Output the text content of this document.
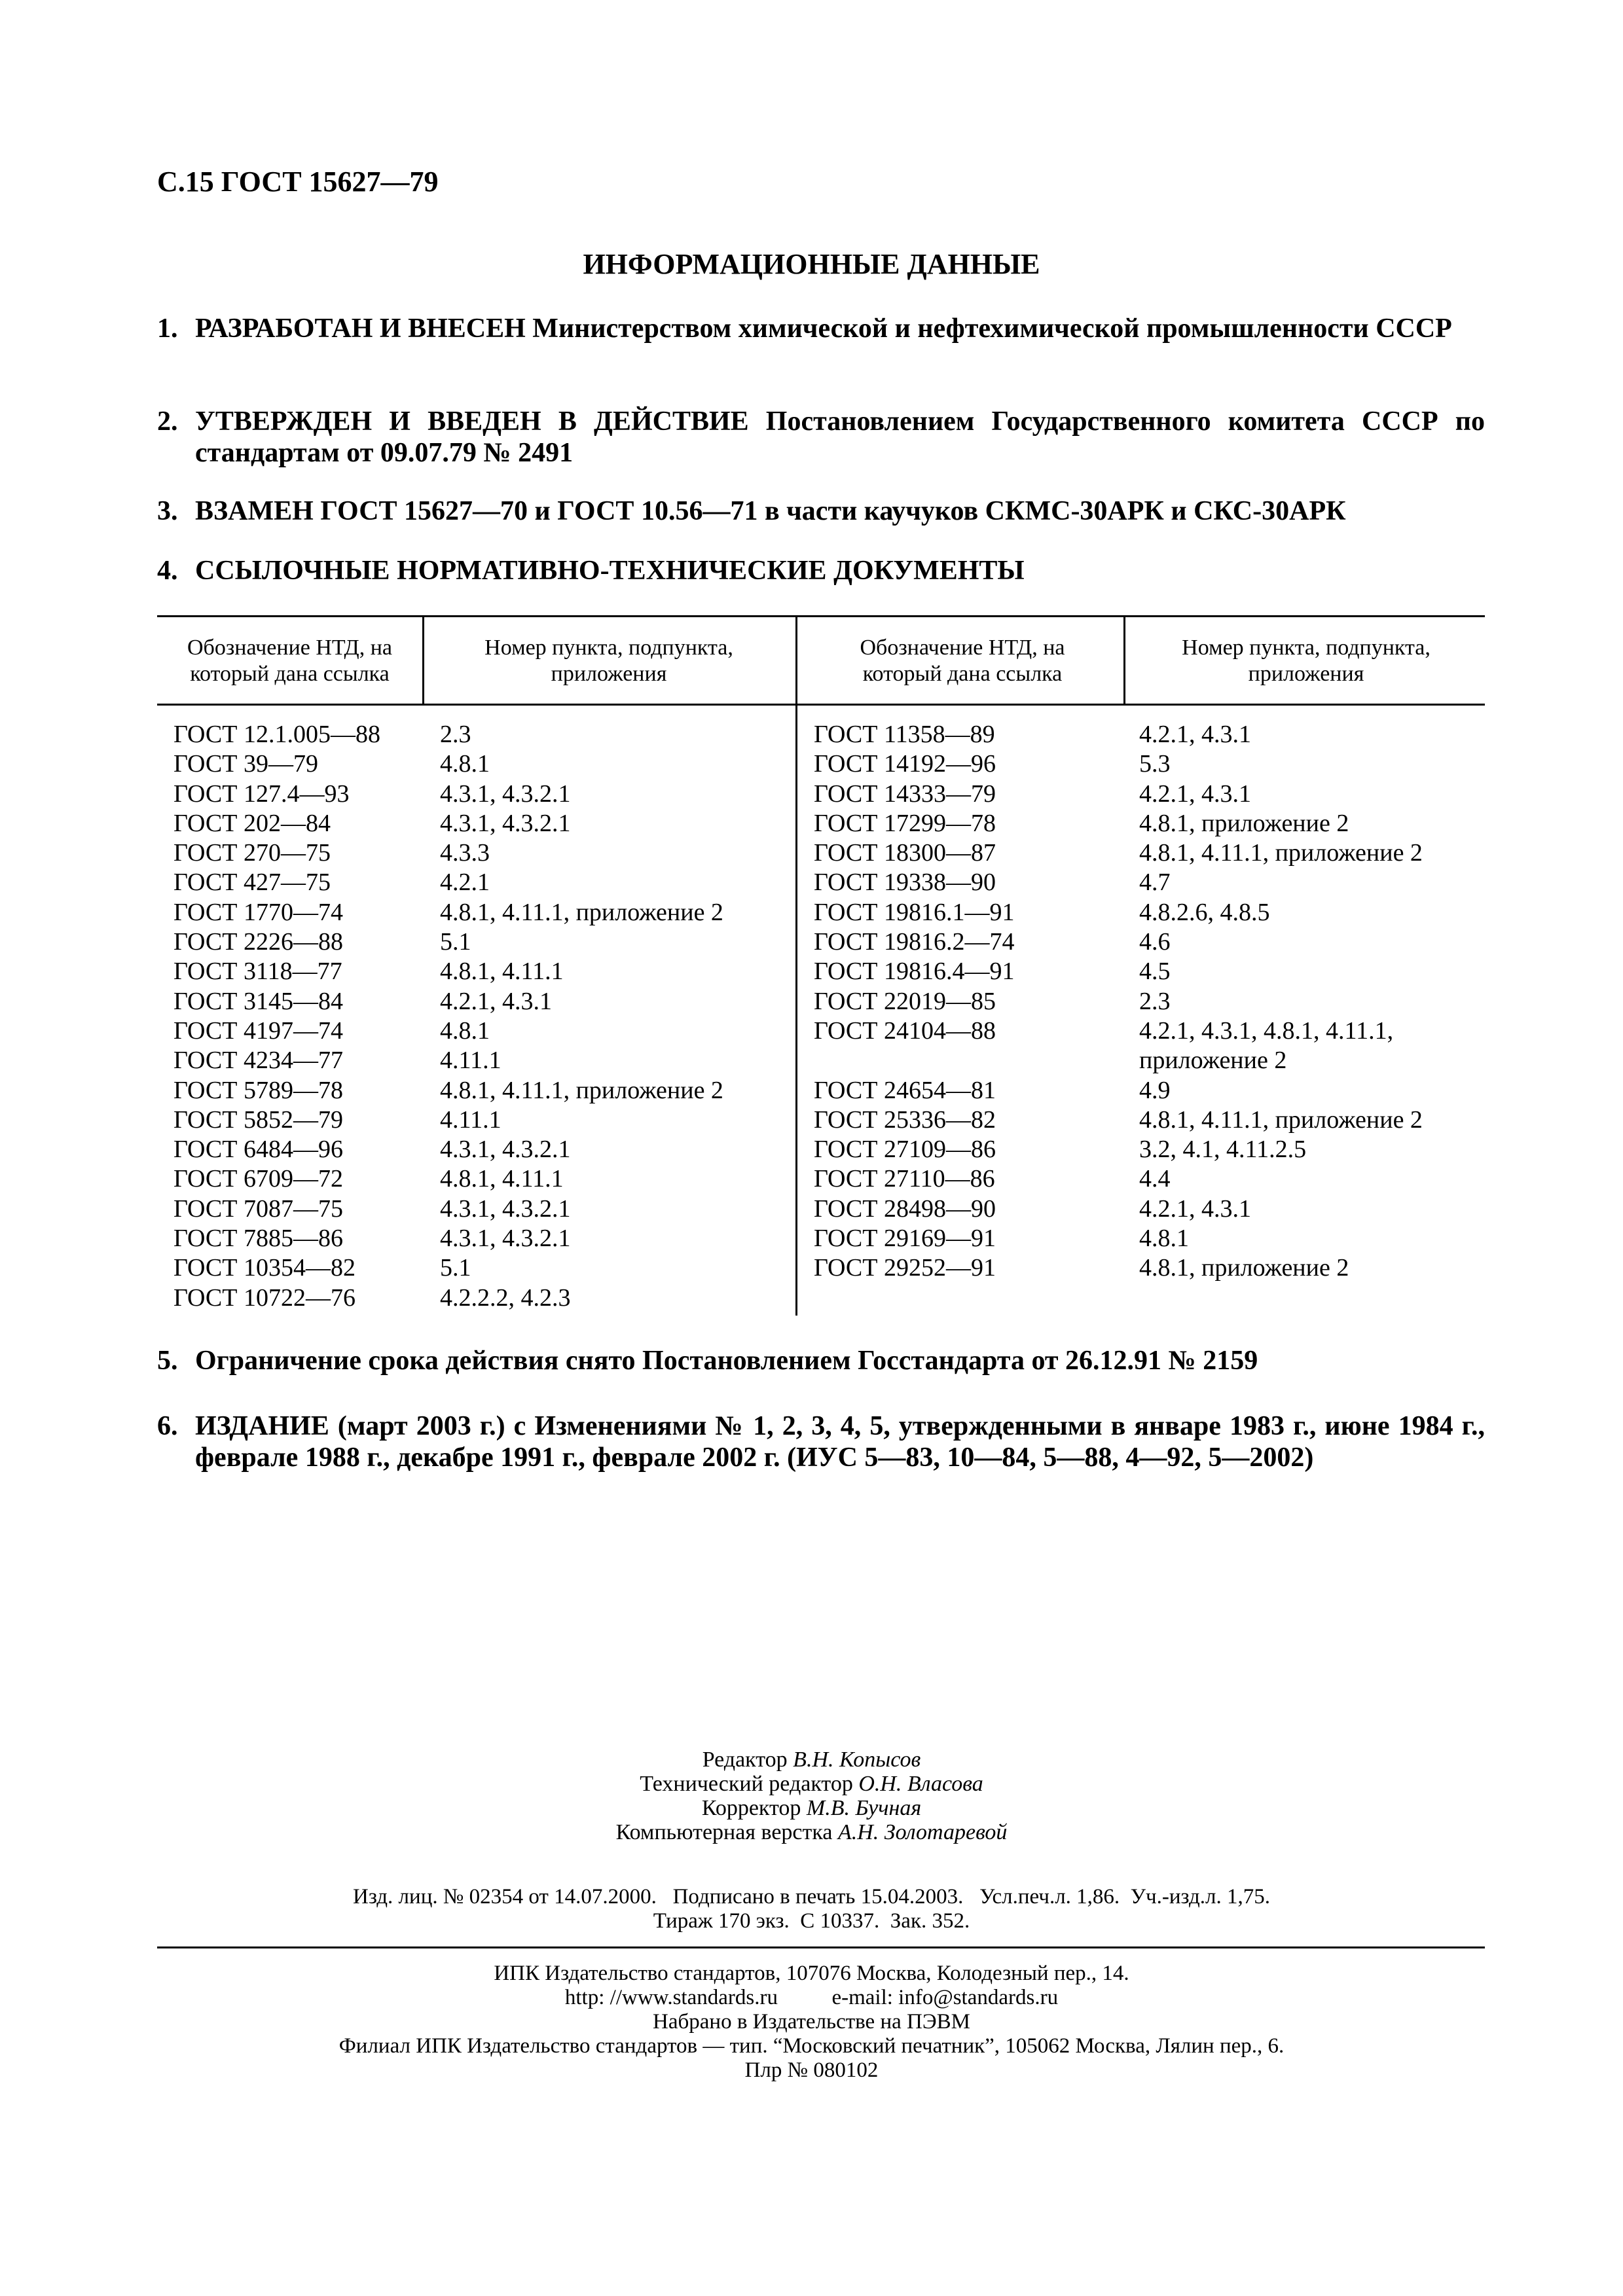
С.15 ГОСТ 15627—79
ИНФОРМАЦИОННЫЕ ДАННЫЕ
1. РАЗРАБОТАН И ВНЕСЕН Министерством химической и нефтехимической промышленности СССР
2. УТВЕРЖДЕН И ВВЕДЕН В ДЕЙСТВИЕ Постановлением Государственного комитета СССР по стандартам от 09.07.79 № 2491
3. ВЗАМЕН ГОСТ 15627—70 и ГОСТ 10.56—71 в части каучуков СКМС-30АРК и СКС-30АРК
4. ССЫЛОЧНЫЕ НОРМАТИВНО-ТЕХНИЧЕСКИЕ ДОКУМЕНТЫ
Обозначение НТД, на который дана ссылка
Номер пункта, подпункта, приложения
Обозначение НТД, на который дана ссылка
Номер пункта, подпункта, приложения
ГОСТ 12.1.005—88
ГОСТ 39—79
ГОСТ 127.4—93
ГОСТ 202—84
ГОСТ 270—75
ГОСТ 427—75
ГОСТ 1770—74
ГОСТ 2226—88
ГОСТ 3118—77
ГОСТ 3145—84
ГОСТ 4197—74
ГОСТ 4234—77
ГОСТ 5789—78
ГОСТ 5852—79
ГОСТ 6484—96
ГОСТ 6709—72
ГОСТ 7087—75
ГОСТ 7885—86
ГОСТ 10354—82
ГОСТ 10722—76
2.3
4.8.1
4.3.1, 4.3.2.1
4.3.1, 4.3.2.1
4.3.3
4.2.1
4.8.1, 4.11.1, приложение 2
5.1
4.8.1, 4.11.1
4.2.1, 4.3.1
4.8.1
4.11.1
4.8.1, 4.11.1, приложение 2
4.11.1
4.3.1, 4.3.2.1
4.8.1, 4.11.1
4.3.1, 4.3.2.1
4.3.1, 4.3.2.1
5.1
4.2.2.2, 4.2.3
ГОСТ 11358—89
ГОСТ 14192—96
ГОСТ 14333—79
ГОСТ 17299—78
ГОСТ 18300—87
ГОСТ 19338—90
ГОСТ 19816.1—91
ГОСТ 19816.2—74
ГОСТ 19816.4—91
ГОСТ 22019—85
ГОСТ 24104—88

ГОСТ 24654—81
ГОСТ 25336—82
ГОСТ 27109—86
ГОСТ 27110—86
ГОСТ 28498—90
ГОСТ 29169—91
ГОСТ 29252—91
4.2.1, 4.3.1
5.3
4.2.1, 4.3.1
4.8.1, приложение 2
4.8.1, 4.11.1, приложение 2
4.7
4.8.2.6, 4.8.5
4.6
4.5
2.3
4.2.1, 4.3.1, 4.8.1, 4.11.1,
приложение 2
4.9
4.8.1, 4.11.1, приложение 2
3.2, 4.1, 4.11.2.5
4.4
4.2.1, 4.3.1
4.8.1
4.8.1, приложение 2
5. Ограничение срока действия снято Постановлением Госстандарта от 26.12.91 № 2159
6. ИЗДАНИЕ (март 2003 г.) с Изменениями № 1, 2, 3, 4, 5, утвержденными в январе 1983 г., июне 1984 г., феврале 1988 г., декабре 1991 г., феврале 2002 г. (ИУС 5—83, 10—84, 5—88, 4—92, 5—2002)
Редактор В.Н. Копысов
Технический редактор О.Н. Власова
Корректор М.В. Бучная
Компьютерная верстка А.Н. Золотаревой
Изд. лиц. № 02354 от 14.07.2000.   Подписано в печать 15.04.2003.   Усл.печ.л. 1,86.  Уч.-изд.л. 1,75.
Тираж 170 экз.  С 10337.  Зак. 352.
ИПК Издательство стандартов, 107076 Москва, Колодезный пер., 14.
http: //www.standards.ru          e-mail: info@standards.ru
Набрано в Издательстве на ПЭВМ
Филиал ИПК Издательство стандартов — тип. “Московский печатник”, 105062 Москва, Лялин пер., 6.
Плр № 080102
